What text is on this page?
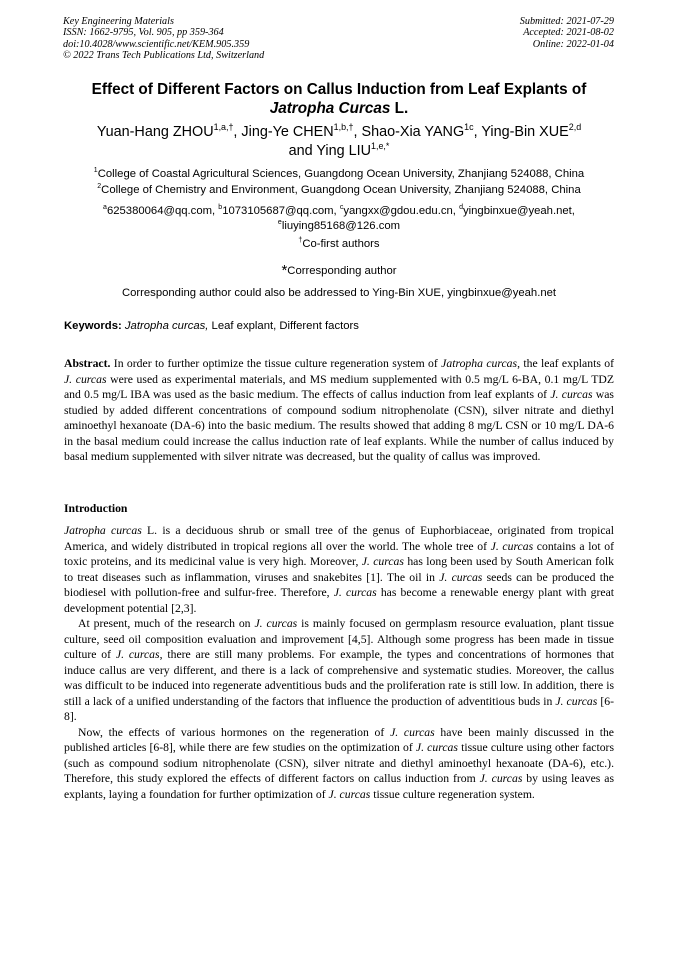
Key Engineering Materials
ISSN: 1662-9795, Vol. 905, pp 359-364
doi:10.4028/www.scientific.net/KEM.905.359
© 2022 Trans Tech Publications Ltd, Switzerland
Submitted: 2021-07-29
Accepted: 2021-08-02
Online: 2022-01-04
Effect of Different Factors on Callus Induction from Leaf Explants of
Jatropha Curcas L.
Yuan-Hang $ZHOU^{1,a,\dagger}$, Jing-Ye $CHEN^{1,b,\dagger}$, Shao-Xia $YANG^{1c}$, Ying-Bin XUE$^{2,d}$
and Ying $LIU^{1,e,*}$
$^1$College of Coastal Agricultural Sciences, Guangdong Ocean University, Zhanjiang 524088, China
$^2$College of Chemistry and Environment, Guangdong Ocean University, Zhanjiang 524088, China
$^a$625380064@qq.com, $^b$1073105687@qq.com, $^c$yangxx@gdou.edu.cn, $^d$yingbinxue@yeah.net,
$^e$liuying85168@126.com
†Co-first authors
*Corresponding author
Corresponding author could also be addressed to Ying-Bin XUE, yingbinxue@yeah.net
Keywords: Jatropha curcas, Leaf explant, Different factors
Abstract. In order to further optimize the tissue culture regeneration system of Jatropha curcas, the leaf explants of J. curcas were used as experimental materials, and MS medium supplemented with 0.5 mg/L 6-BA, 0.1 mg/L TDZ and 0.5 mg/L IBA was used as the basic medium. The effects of callus induction from leaf explants of J. curcas was studied by added different concentrations of compound sodium nitrophenolate (CSN), silver nitrate and diethyl aminoethyl hexanoate (DA-6) into the basic medium. The results showed that adding 8 mg/L CSN or 10 mg/L DA-6 in the basal medium could increase the callus induction rate of leaf explants. While the number of callus induced by basal medium supplemented with silver nitrate was decreased, but the quality of callus was improved.
Introduction

Jatropha curcas L. is a deciduous shrub or small tree of the genus of Euphorbiaceae, originated from tropical America, and widely distributed in tropical regions all over the world. The whole tree of J. curcas contains a lot of toxic proteins, and its medicinal value is very high. Moreover, J. curcas has long been used by South American folk to treat diseases such as inflammation, viruses and snakebites [1]. The oil in J. curcas seeds can be produced the biodiesel with pollution-free and sulfur-free. Therefore, J. curcas has become a renewable energy plant with great development potential [2,3].

At present, much of the research on J. curcas is mainly focused on germplasm resource evaluation, plant tissue culture, seed oil composition evaluation and improvement [4,5]. Although some progress has been made in tissue culture of J. curcas, there are still many problems. For example, the types and concentrations of hormones that induce callus are very different, and there is a lack of comprehensive and systematic studies. Moreover, the callus was difficult to be induced into regenerate adventitious buds and the proliferation rate is still low. In addition, there is still a lack of a unified understanding of the factors that influence the production of adventitious buds in J. curcas [6-8].

Now, the effects of various hormones on the regeneration of J. curcas have been mainly discussed in the published articles [6-8], while there are few studies on the optimization of J. curcas tissue culture using other factors (such as compound sodium nitrophenolate (CSN), silver nitrate and diethyl aminoethyl hexanoate (DA-6), etc.). Therefore, this study explored the effects of different factors on callus induction from J. curcas by using leaves as explants, laying a foundation for further optimization of J. curcas tissue culture regeneration system.
